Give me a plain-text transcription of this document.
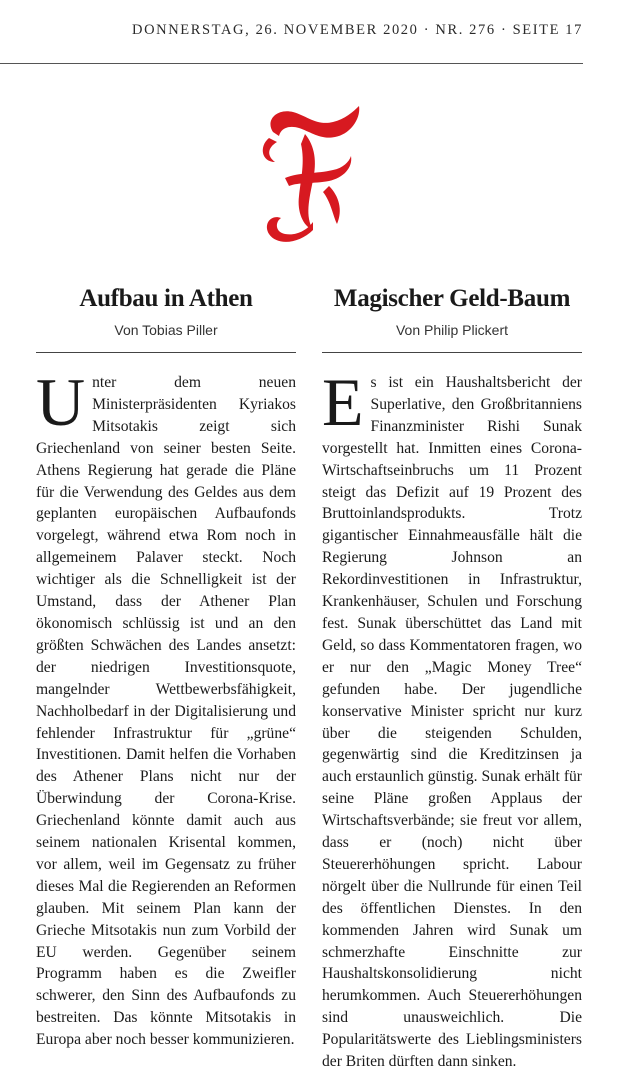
DONNERSTAG, 26. NOVEMBER 2020 · NR. 276 · SEITE 17
Aufbau in Athen
Von Tobias Piller
Unter dem neuen Ministerpräsidenten Kyriakos Mitsotakis zeigt sich Griechenland von seiner besten Seite. Athens Regierung hat gerade die Pläne für die Verwendung des Geldes aus dem geplanten europäischen Aufbaufonds vorgelegt, während etwa Rom noch in allgemeinem Palaver steckt. Noch wichtiger als die Schnelligkeit ist der Umstand, dass der Athener Plan ökonomisch schlüssig ist und an den größten Schwächen des Landes ansetzt: der niedrigen Investitionsquote, mangelnder Wettbewerbsfähigkeit, Nachholbedarf in der Digitalisierung und fehlender Infrastruktur für „grüne“ Investitionen. Damit helfen die Vorhaben des Athener Plans nicht nur der Überwindung der Corona-Krise. Griechenland könnte damit auch aus seinem nationalen Krisental kommen, vor allem, weil im Gegensatz zu früher dieses Mal die Regierenden an Reformen glauben. Mit seinem Plan kann der Grieche Mitsotakis nun zum Vorbild der EU werden. Gegenüber seinem Programm haben es die Zweifler schwerer, den Sinn des Aufbaufonds zu bestreiten. Das könnte Mitsotakis in Europa aber noch besser kommunizieren.
Magischer Geld-Baum
Von Philip Plickert
Es ist ein Haushaltsbericht der Superlative, den Großbritanniens Finanzminister Rishi Sunak vorgestellt hat. Inmitten eines Corona-Wirtschaftseinbruchs um 11 Prozent steigt das Defizit auf 19 Prozent des Bruttoinlandsprodukts. Trotz gigantischer Einnahmeausfälle hält die Regierung Johnson an Rekordinvestitionen in Infrastruktur, Krankenhäuser, Schulen und Forschung fest. Sunak überschüttet das Land mit Geld, so dass Kommentatoren fragen, wo er nur den „Magic Money Tree“ gefunden habe. Der jugendliche konservative Minister spricht nur kurz über die steigenden Schulden, gegenwärtig sind die Kreditzinsen ja auch erstaunlich günstig. Sunak erhält für seine Pläne großen Applaus der Wirtschaftsverbände; sie freut vor allem, dass er (noch) nicht über Steuererhöhungen spricht. Labour nörgelt über die Nullrunde für einen Teil des öffentlichen Dienstes. In den kommenden Jahren wird Sunak um schmerzhafte Einschnitte zur Haushaltskonsolidierung nicht herumkommen. Auch Steuererhöhungen sind unausweichlich. Die Popularitätswerte des Lieblingsministers der Briten dürften dann sinken.
